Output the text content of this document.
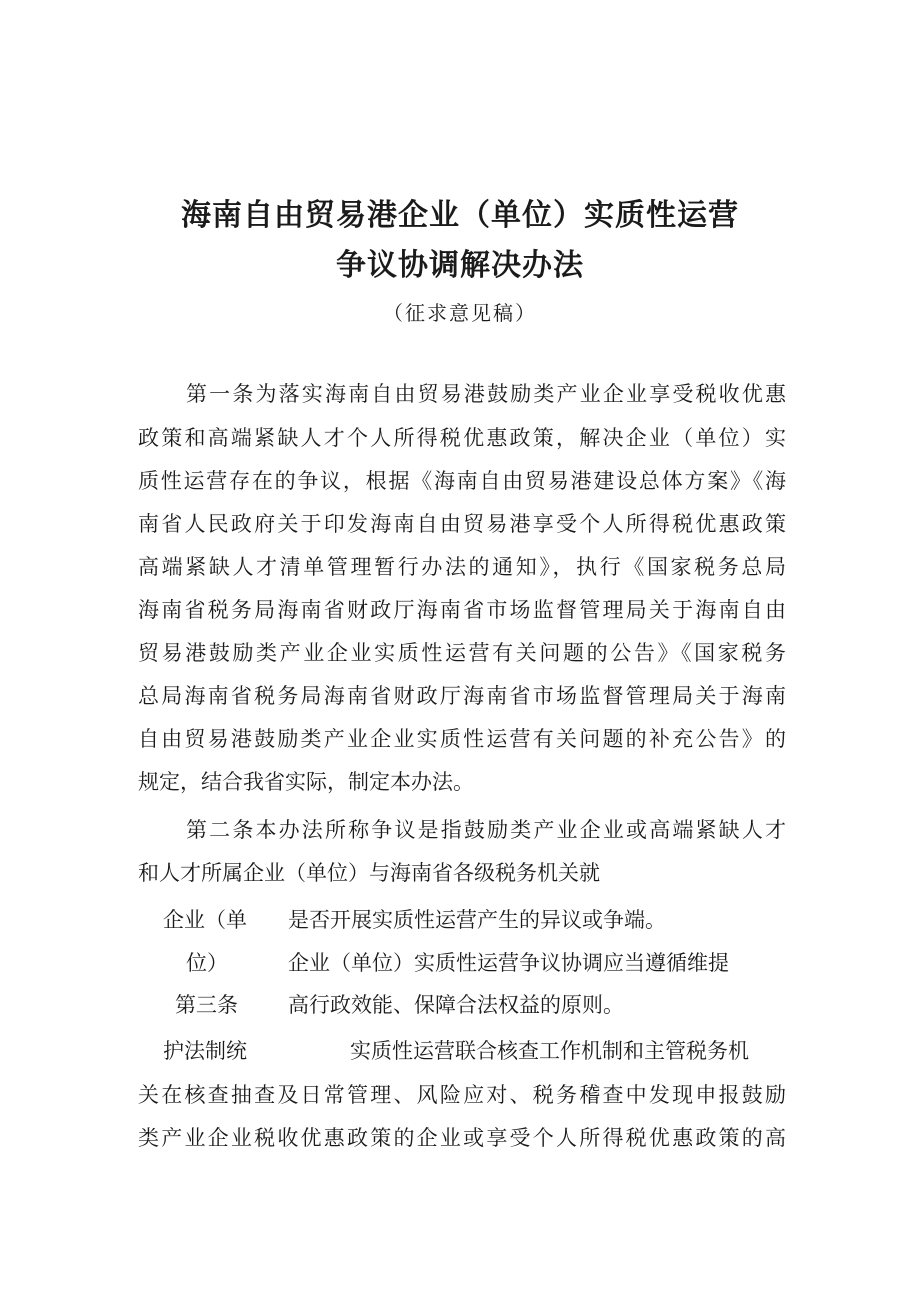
海南自由贸易港企业（单位）实质性运营
争议协调解决办法
（征求意见稿）
第一条为落实海南自由贸易港鼓励类产业企业享受税收优惠
政策和高端紧缺人才个人所得税优惠政策，解决企业（单位）实
质性运营存在的争议，根据《海南自由贸易港建设总体方案》《海
南省人民政府关于印发海南自由贸易港享受个人所得税优惠政策
高端紧缺人才清单管理暂行办法的通知》，执行《国家税务总局
海南省税务局海南省财政厅海南省市场监督管理局关于海南自由
贸易港鼓励类产业企业实质性运营有关问题的公告》《国家税务
总局海南省税务局海南省财政厅海南省市场监督管理局关于海南
自由贸易港鼓励类产业企业实质性运营有关问题的补充公告》的
规定，结合我省实际，制定本办法。
第二条本办法所称争议是指鼓励类产业企业或高端紧缺人才
和人才所属企业（单位）与海南省各级税务机关就
企业（单 是否开展实质性运营产生的异议或争端。
位）	企业（单位）实质性运营争议协调应当遵循维提
第三条 高行政效能、保障合法权益的原则。
护法制统	实质性运营联合核查工作机制和主管税务机
关在核查抽查及日常管理、风险应对、税务稽查中发现申报鼓励
类产业企业税收优惠政策的企业或享受个人所得税优惠政策的高
